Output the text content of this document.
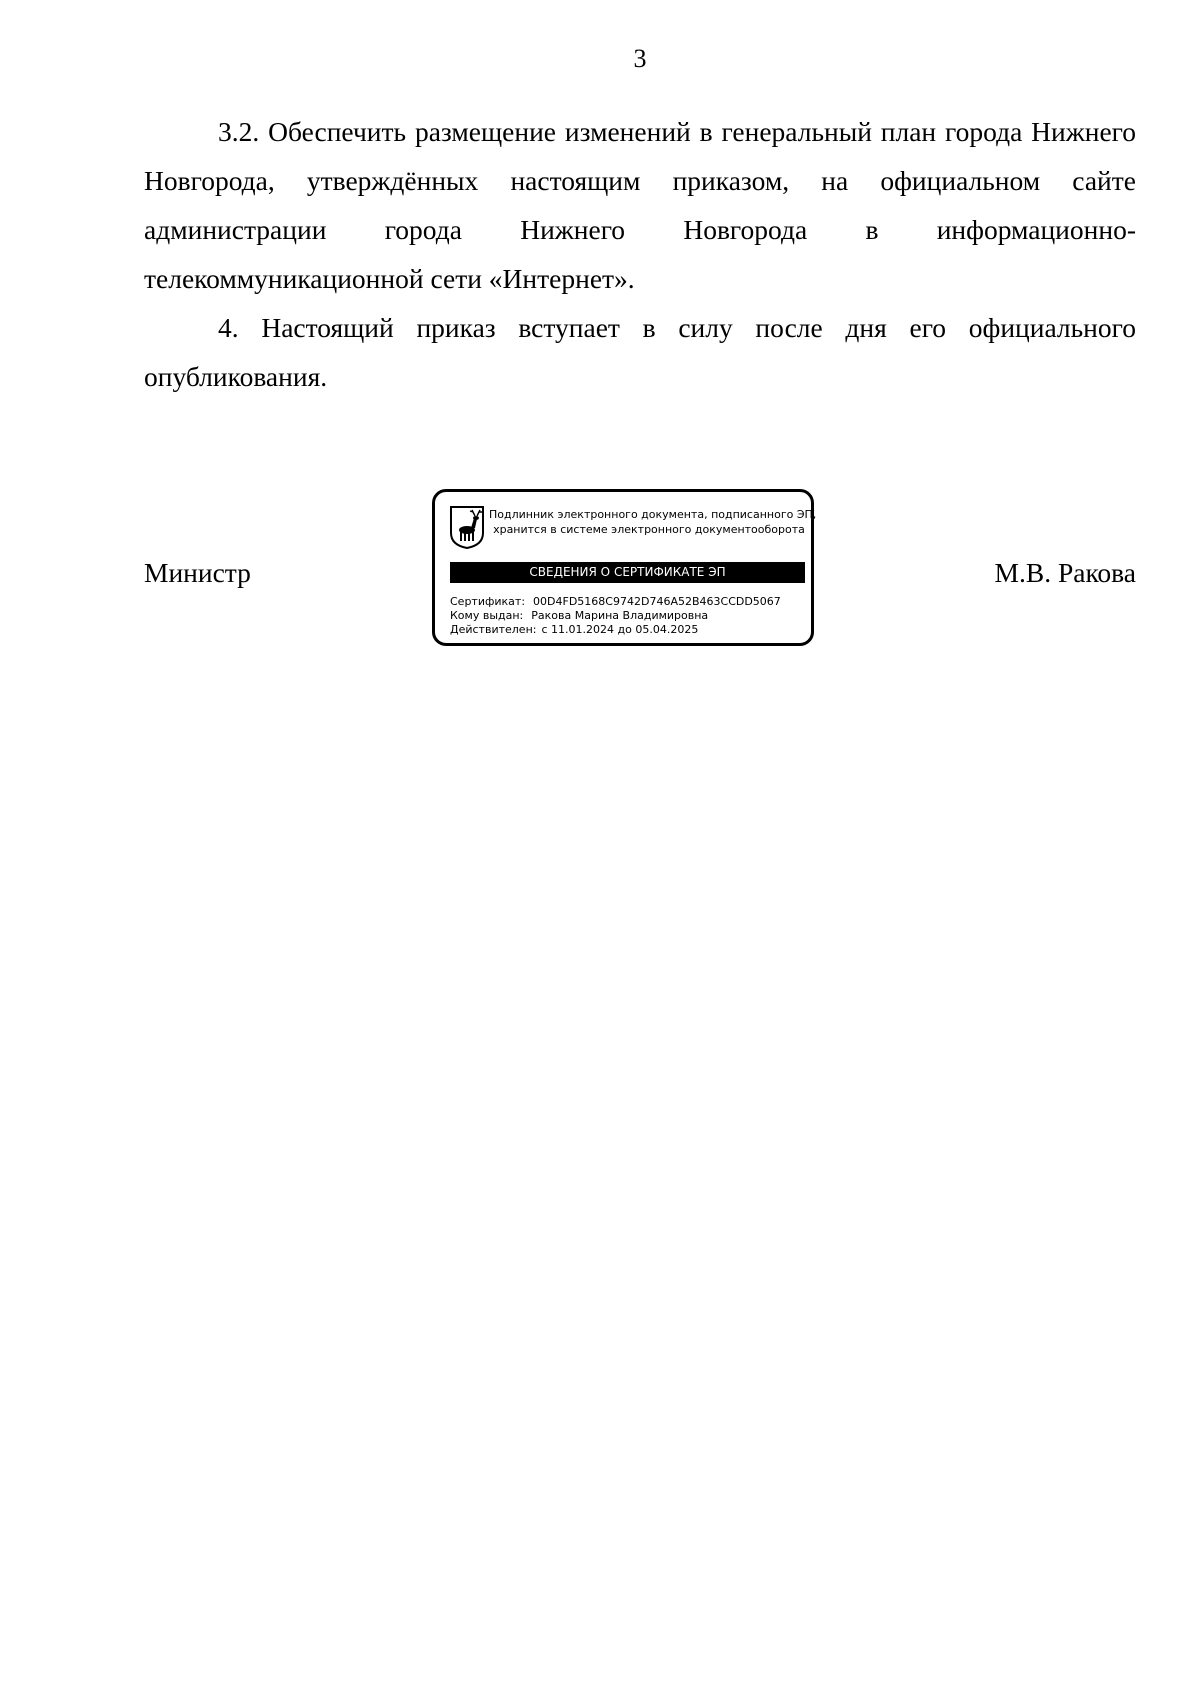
3

3.2. Обеспечить размещение изменений в генеральный план города Нижнего Новгорода, утверждённых настоящим приказом, на официальном сайте администрации города Нижнего Новгорода в информационно-телекоммуникационной сети «Интернет».

4. Настоящий приказ вступает в силу после дня его официального опубликования.

Министр	М.В. Ракова
Подлинник электронного документа, подписанного ЭП,
хранится в системе электронного документооборота
СВЕДЕНИЯ О СЕРТИФИКАТЕ ЭП
Сертификат: 00D4FD5168C9742D746A52B463CCDD5067
Кому выдан: Ракова Марина Владимировна
Действителен: с 11.01.2024 до 05.04.2025
